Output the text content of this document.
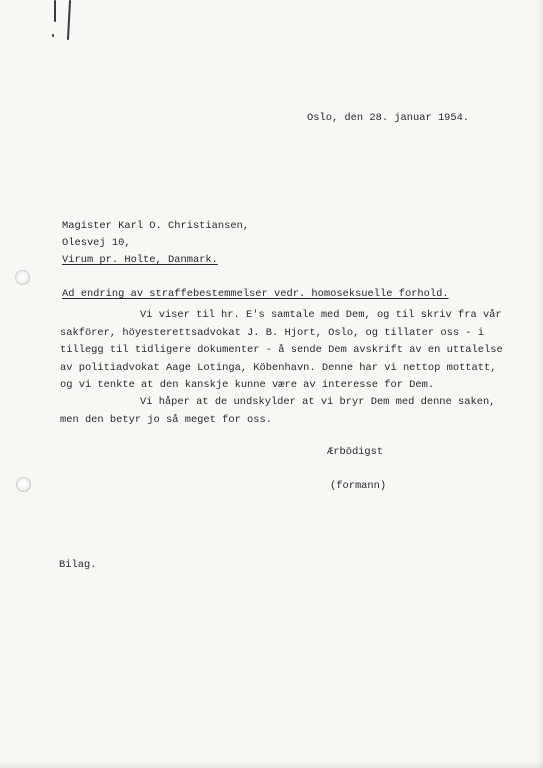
Oslo, den 28. januar 1954.
Magister Karl O. Christiansen,
Olesvej 10,
Virum pr. Holte, Danmark.
Ad endring av straffebestemmelser vedr. homoseksuelle forhold.
Vi viser til hr. E's samtale med Dem, og til skriv fra vår
sakförer, höyesterettsadvokat J. B. Hjort, Oslo, og tillater oss - i
tillegg til tidligere dokumenter - å sende Dem avskrift av en uttalelse
av politiadvokat Aage Lotinga, Köbenhavn. Denne har vi nettop mottatt,
og vi tenkte at den kanskje kunne være av interesse for Dem.
Vi håper at de undskylder at vi bryr Dem med denne saken,
men den betyr jo så meget for oss.
Ærbödigst
(formann)
Bilag.
